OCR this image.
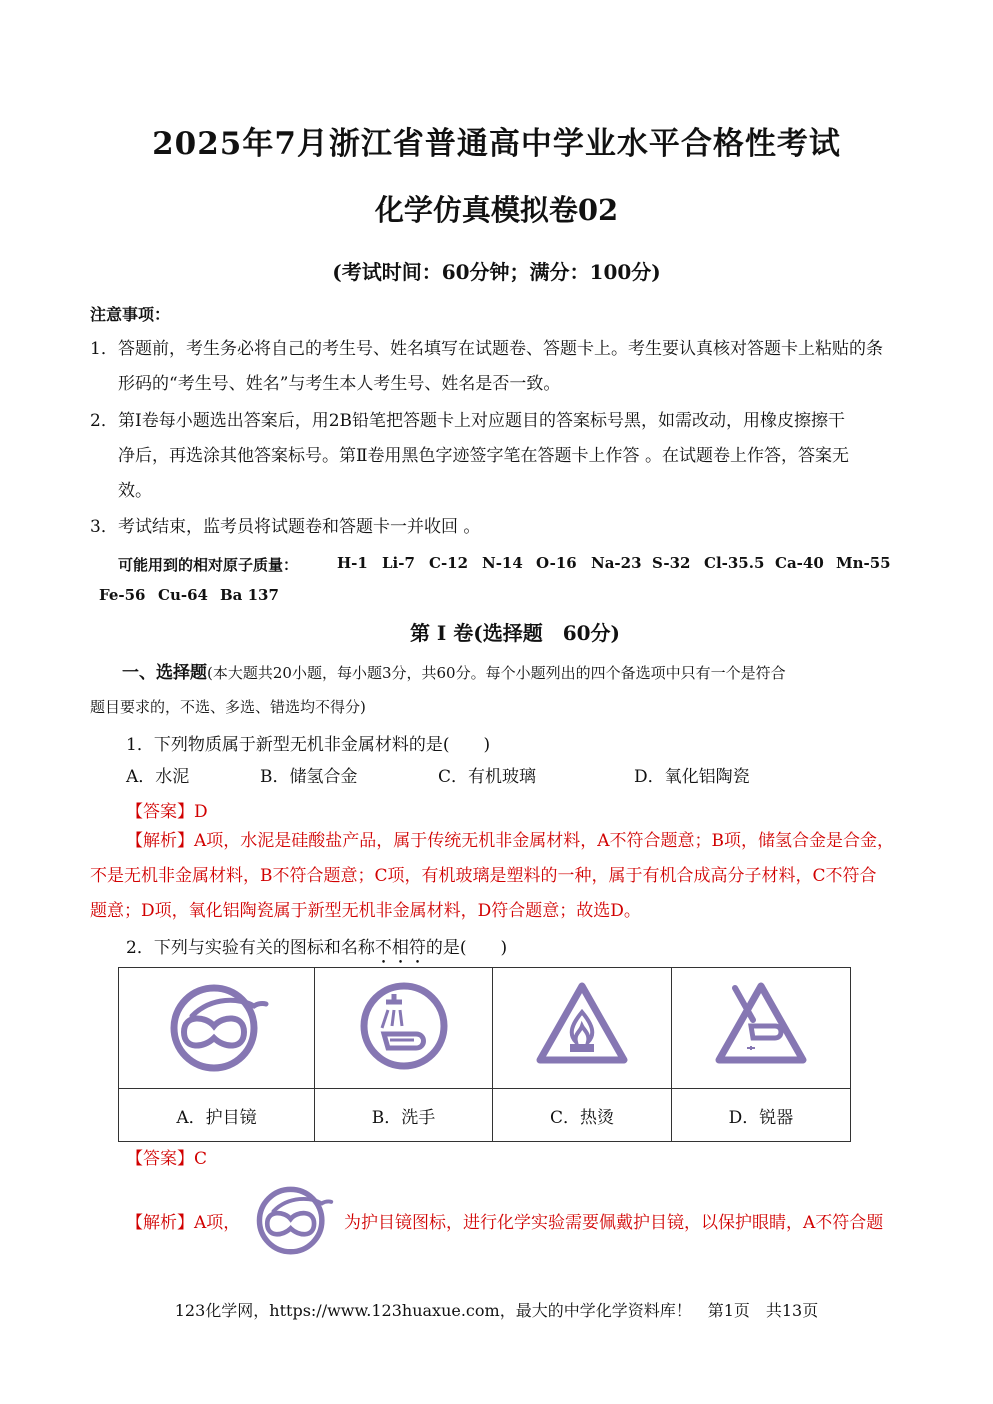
2025年7月浙江省普通高中学业水平合格性考试
化学仿真模拟卷02
(考试时间：60分钟；满分：100分)
注意事项：
1．答题前，考生务必将自己的考生号、姓名填写在试题卷、答题卡上。考生要认真核对答题卡上粘贴的条
形码的“考生号、姓名”与考生本人考生号、姓名是否一致。
2．第Ⅰ卷每小题选出答案后，用2B铅笔把答题卡上对应题目的答案标号黑，如需改动，用橡皮擦擦干
净后，再选涂其他答案标号。第Ⅱ卷用黑色字迹签字笔在答题卡上作答 。在试题卷上作答，答案无
效。
3．考试结束，监考员将试题卷和答题卡一并收回 。
可能用到的相对原子质量：	H-1 Li-7 C-12 N-14 O-16 Na-23 S-32 Cl-35.5 Ca-40 Mn-55
Fe-56 Cu-64 Ba 137
第 I 卷(选择题　60分)
一、选择题(本大题共20小题，每小题3分，共60分。每个小题列出的四个备选项中只有一个是符合
题目要求的，不选、多选、错选均不得分)
1．下列物质属于新型无机非金属材料的是(　　)
A．水泥	B．储氢合金	C．有机玻璃	D．氧化铝陶瓷
【答案】D
【解析】A项，水泥是硅酸盐产品，属于传统无机非金属材料，A不符合题意；B项，储氢合金是合金，
不是无机非金属材料，B不符合题意；C项，有机玻璃是塑料的一种，属于有机合成高分子材料，C不符合
题意；D项，氧化铝陶瓷属于新型无机非金属材料，D符合题意；故选D。
2．下列与实验有关的图标和名称不相符的是(　　)

A．护目镜	B．洗手	C．热烫	D．锐器
【答案】C
【解析】A项，	为护目镜图标，进行化学实验需要佩戴护目镜，以保护眼睛，A不符合题
123化学网，https://www.123huaxue.com，最大的中学化学资料库！　第1页　共13页
